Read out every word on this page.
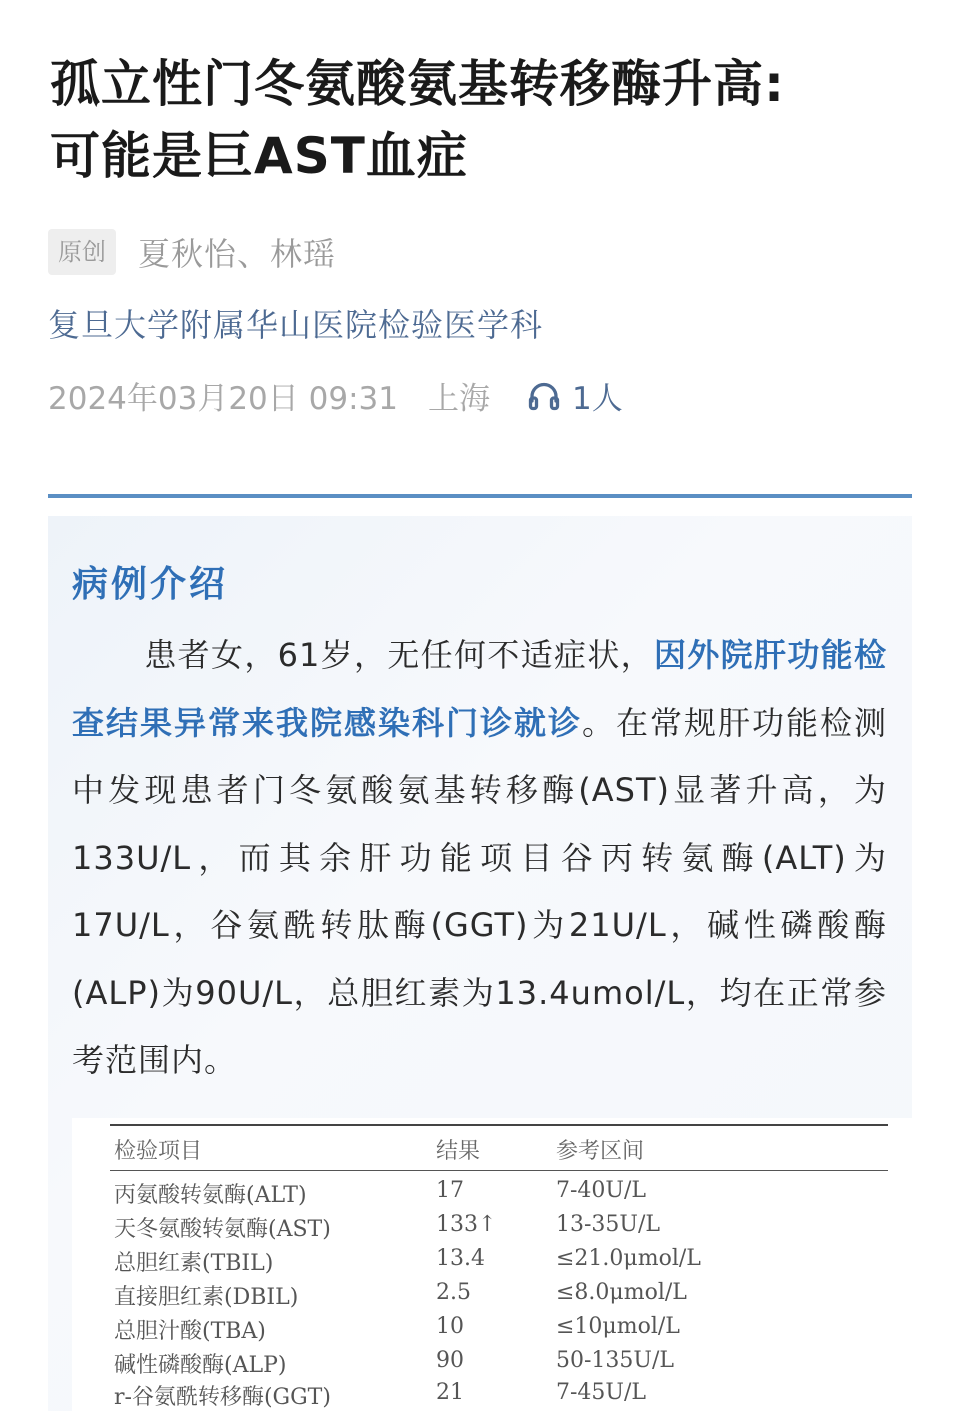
孤立性门冬氨酸氨基转移酶升高:
可能是巨AST血症
原创	夏秋怡、林瑶
复旦大学附属华山医院检验医学科
2024年03月20日 09:31 上海	1人
病例介绍

患者女，61岁，无任何不适症状，因外院肝功能检查结果异常来我院感染科门诊就诊。在常规肝功能检测中发现患者门冬氨酸氨基转移酶(AST)显著升高，为133U/L，而其余肝功能项目谷丙转氨酶(ALT)为17U/L，谷氨酰转肽酶(GGT)为21U/L，碱性磷酸酶(ALP)为90U/L，总胆红素为13.4umol/L，均在正常参考范围内。

检验项目	结果	参考区间
丙氨酸转氨酶(ALT)	17	7-40U/L
天冬氨酸转氨酶(AST)	133↑	13-35U/L
总胆红素(TBIL)	13.4	≤21.0μmol/L
直接胆红素(DBIL)	2.5	≤8.0μmol/L
总胆汁酸(TBA)	10	≤10μmol/L
碱性磷酸酶(ALP)	90	50-135U/L
r-谷氨酰转移酶(GGT)	21	7-45U/L
